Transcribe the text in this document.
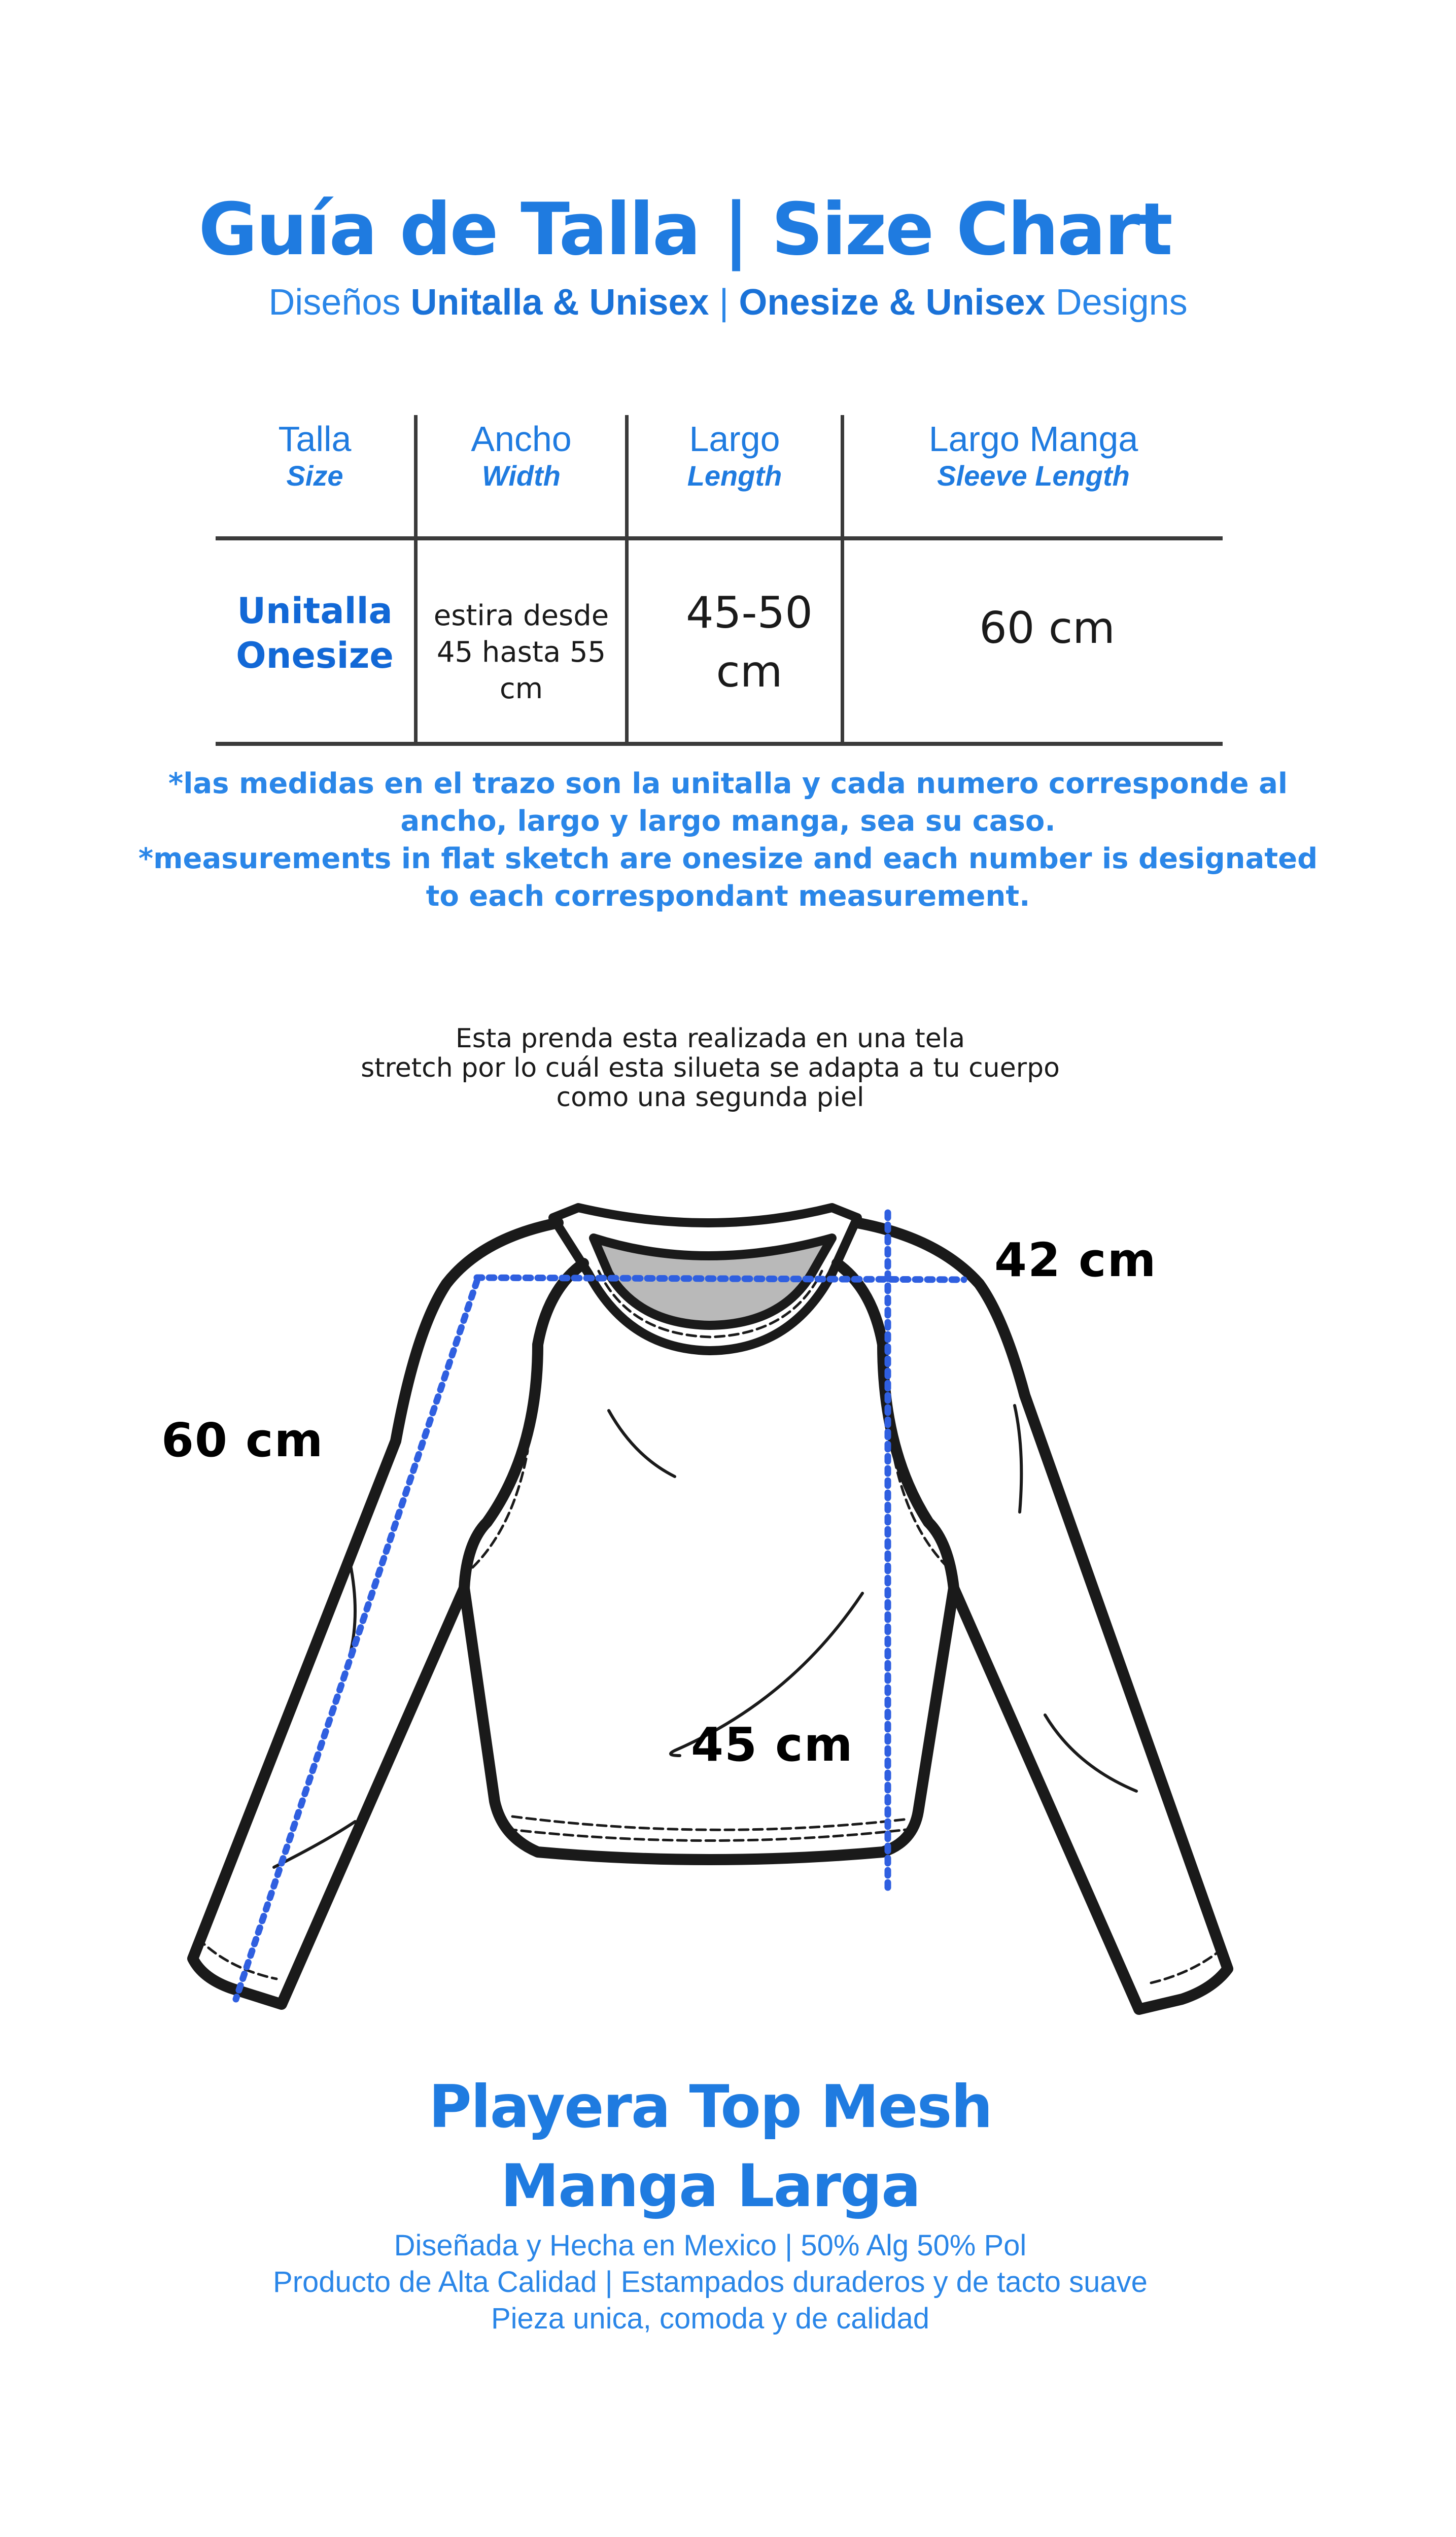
Guía de Talla | Size Chart
Diseños Unitalla & Unisex | Onesize & Unisex Designs
Talla
Size
Ancho
Width
Largo
Length
Largo Manga
Sleeve Length
Unitalla
Onesize
estira desde
45 hasta 55
cm
45-50
cm
60 cm
*las medidas en el trazo son la unitalla y cada numero corresponde al
ancho, largo y largo manga, sea su caso.
*measurements in flat sketch are onesize and each number is designated
to each correspondant measurement.
Esta prenda esta realizada en una tela
stretch por lo cuál esta silueta se adapta a tu cuerpo
como una segunda piel
42 cm
60 cm
45 cm
Playera Top Mesh
Manga Larga
Diseñada y Hecha en Mexico | 50% Alg 50% Pol
Producto de Alta Calidad | Estampados duraderos y de tacto suave
Pieza unica, comoda y de calidad
